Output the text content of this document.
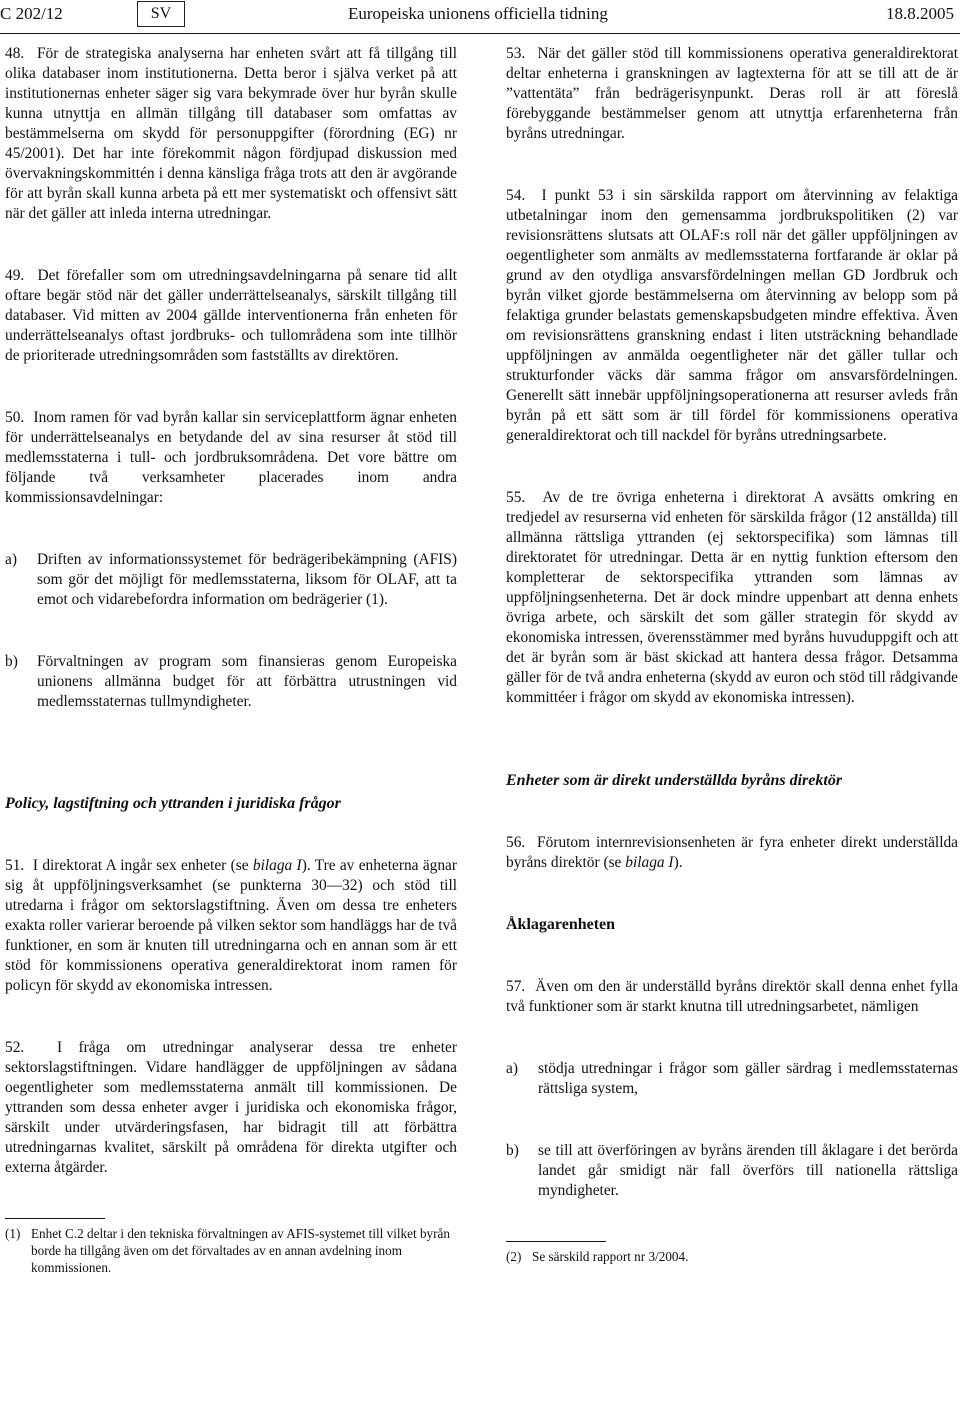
C 202/12	SV	Europeiska unionens officiella tidning	18.8.2005

48.  För de strategiska analyserna har enheten svårt att få tillgång till olika databaser inom institutionerna. Detta beror i själva verket på att institutionernas enheter säger sig vara bekymrade över hur byrån skulle kunna utnyttja en allmän tillgång till databaser som omfattas av bestämmelserna om skydd för personuppgifter (förordning (EG) nr 45/2001). Det har inte förekommit någon fördjupad diskussion med övervakningskommittén i denna känsliga fråga trots att den är avgörande för att byrån skall kunna arbeta på ett mer systematiskt och offensivt sätt när det gäller att inleda interna utredningar.

49.  Det förefaller som om utredningsavdelningarna på senare tid allt oftare begär stöd när det gäller underrättelseanalys, särskilt tillgång till databaser. Vid mitten av 2004 gällde interventionerna från enheten för underrättelseanalys oftast jordbruks- och tullområdena som inte tillhör de prioriterade utredningsområden som fastställts av direktören.

50.  Inom ramen för vad byrån kallar sin serviceplattform ägnar enheten för underrättelseanalys en betydande del av sina resurser åt stöd till medlemsstaterna i tull- och jordbruksområdena. Det vore bättre om följande två verksamheter placerades inom andra kommissionsavdelningar:

a)	Driften av informationssystemet för bedrägeribekämpning (AFIS) som gör det möjligt för medlemsstaterna, liksom för OLAF, att ta emot och vidarebefordra information om bedrägerier (1).
b)	Förvaltningen av program som finansieras genom Europeiska unionens allmänna budget för att förbättra utrustningen vid medlemsstaternas tullmyndigheter.

Policy, lagstiftning och yttranden i juridiska frågor

51.  I direktorat A ingår sex enheter (se bilaga I). Tre av enheterna ägnar sig åt uppföljningsverksamhet (se punkterna 30—32) och stöd till utredarna i frågor om sektorslagstiftning. Även om dessa tre enheters exakta roller varierar beroende på vilken sektor som handläggs har de två funktioner, en som är knuten till utredningarna och en annan som är ett stöd för kommissionens operativa generaldirektorat inom ramen för policyn för skydd av ekonomiska intressen.

52.  I fråga om utredningar analyserar dessa tre enheter sektorslagstiftningen. Vidare handlägger de uppföljningen av sådana oegentligheter som medlemsstaterna anmält till kommissionen. De yttranden som dessa enheter avger i juridiska och ekonomiska frågor, särskilt under utvärderingsfasen, har bidragit till att förbättra utredningarnas kvalitet, särskilt på områdena för direkta utgifter och externa åtgärder.

(1) Enhet C.2 deltar i den tekniska förvaltningen av AFIS-systemet till vilket byrån borde ha tillgång även om det förvaltades av en annan avdelning inom kommissionen.

53.  När det gäller stöd till kommissionens operativa generaldirektorat deltar enheterna i granskningen av lagtexterna för att se till att de är ”vattentäta” från bedrägerisynpunkt. Deras roll är att föreslå förebyggande bestämmelser genom att utnyttja erfarenheterna från byråns utredningar.

54.  I punkt 53 i sin särskilda rapport om återvinning av felaktiga utbetalningar inom den gemensamma jordbrukspolitiken (2) var revisionsrättens slutsats att OLAF:s roll när det gäller uppföljningen av oegentligheter som anmälts av medlemsstaterna fortfarande är oklar på grund av den otydliga ansvarsfördelningen mellan GD Jordbruk och byrån vilket gjorde bestämmelserna om återvinning av belopp som på felaktiga grunder belastats gemenskapsbudgeten mindre effektiva. Även om revisionsrättens granskning endast i liten utsträckning behandlade uppföljningen av anmälda oegentligheter när det gäller tullar och strukturfonder väcks där samma frågor om ansvarsfördelningen. Generellt sätt innebär uppföljningsoperationerna att resurser avleds från byrån på ett sätt som är till fördel för kommissionens operativa generaldirektorat och till nackdel för byråns utredningsarbete.

55.  Av de tre övriga enheterna i direktorat A avsätts omkring en tredjedel av resurserna vid enheten för särskilda frågor (12 anställda) till allmänna rättsliga yttranden (ej sektorspecifika) som lämnas till direktoratet för utredningar. Detta är en nyttig funktion eftersom den kompletterar de sektorspecifika yttranden som lämnas av uppföljningsenheterna. Det är dock mindre uppenbart att denna enhets övriga arbete, och särskilt det som gäller strategin för skydd av ekonomiska intressen, överensstämmer med byråns huvuduppgift och att det är byrån som är bäst skickad att hantera dessa frågor. Detsamma gäller för de två andra enheterna (skydd av euron och stöd till rådgivande kommittéer i frågor om skydd av ekonomiska intressen).

Enheter som är direkt underställda byråns direktör

56.  Förutom internrevisionsenheten är fyra enheter direkt underställda byråns direktör (se bilaga I).

Åklagarenheten

57.  Även om den är underställd byråns direktör skall denna enhet fylla två funktioner som är starkt knutna till utredningsarbetet, nämligen

a)	stödja utredningar i frågor som gäller särdrag i medlemsstaternas rättsliga system,
b)	se till att överföringen av byråns ärenden till åklagare i det berörda landet går smidigt när fall överförs till nationella rättsliga myndigheter.
(2) Se särskild rapport nr 3/2004.
